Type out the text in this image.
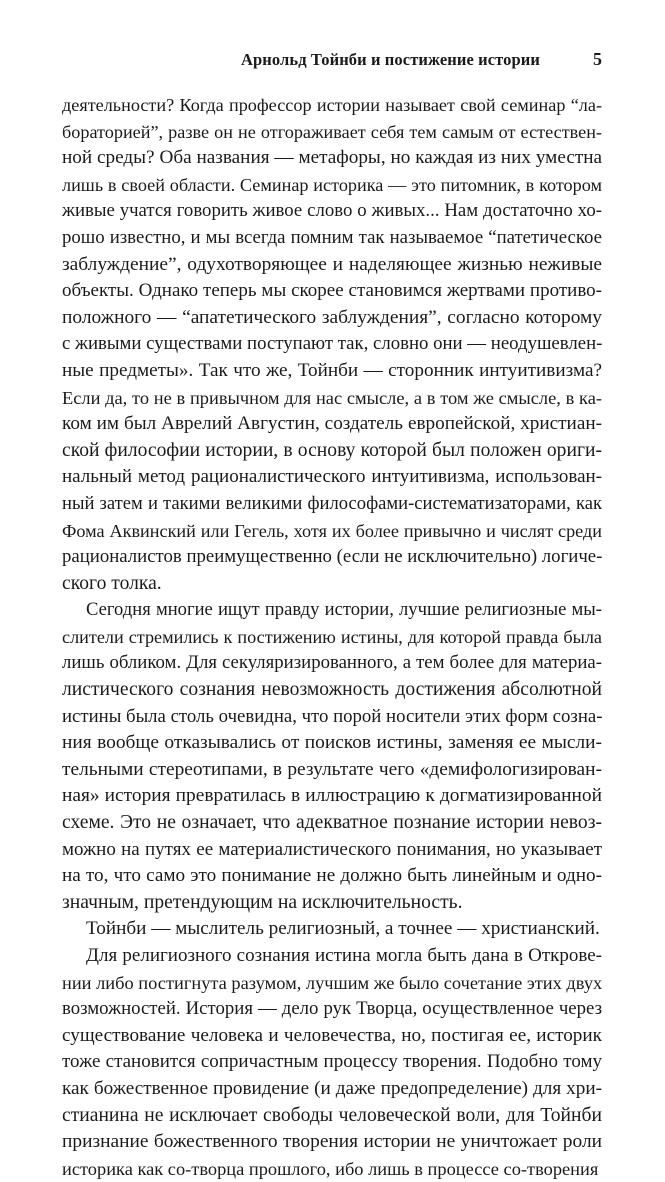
Арнольд Тойнби и постижение истории	5

деятельности? Когда профессор истории называет свой семинар “ла-
бораторией”, разве он не отгораживает себя тем самым от естествен-
ной среды? Оба названия — метафоры, но каждая из них уместна
лишь в своей области. Семинар историка — это питомник, в котором
живые учатся говорить живое слово о живых... Нам достаточно хо-
рошо известно, и мы всегда помним так называемое “патетическое
заблуждение”, одухотворяющее и наделяющее жизнью неживые
объекты. Однако теперь мы скорее становимся жертвами противо-
положного — “апатетического заблуждения”, согласно которому
с живыми существами поступают так, словно они — неодушевлен-
ные предметы». Так что же, Тойнби — сторонник интуитивизма?
Если да, то не в привычном для нас смысле, а в том же смысле, в ка-
ком им был Аврелий Августин, создатель европейской, христиан-
ской философии истории, в основу которой был положен ориги-
нальный метод рационалистического интуитивизма, использован-
ный затем и такими великими философами-систематизаторами, как
Фома Аквинский или Гегель, хотя их более привычно и числят среди
рационалистов преимущественно (если не исключительно) логиче-
ского толка.

Сегодня многие ищут правду истории, лучшие религиозные мы-
слители стремились к постижению истины, для которой правда была
лишь обликом. Для секуляризированного, а тем более для материа-
листического сознания невозможность достижения абсолютной
истины была столь очевидна, что порой носители этих форм созна-
ния вообще отказывались от поисков истины, заменяя ее мысли-
тельными стереотипами, в результате чего «демифологизирован-
ная» история превратилась в иллюстрацию к догматизированной
схеме. Это не означает, что адекватное познание истории невоз-
можно на путях ее материалистического понимания, но указывает
на то, что само это понимание не должно быть линейным и одно-
значным, претендующим на исключительность.

Тойнби — мыслитель религиозный, а точнее — христианский.

Для религиозного сознания истина могла быть дана в Открове-
нии либо постигнута разумом, лучшим же было сочетание этих двух
возможностей. История — дело рук Творца, осуществленное через
существование человека и человечества, но, постигая ее, историк
тоже становится сопричастным процессу творения. Подобно тому
как божественное провидение (и даже предопределение) для хри-
стианина не исключает свободы человеческой воли, для Тойнби
признание божественного творения истории не уничтожает роли
историка как со-творца прошлого, ибо лишь в процессе со-творения
